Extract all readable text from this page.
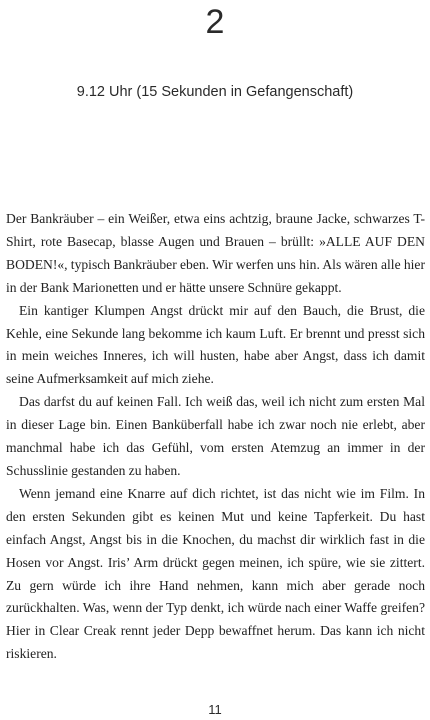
2
9.12 Uhr (15 Sekunden in Gefangenschaft)

Der Bankräuber – ein Weißer, etwa eins achtzig, braune Jacke, schwarzes T-Shirt, rote Basecap, blasse Augen und Brauen – brüllt: »ALLE AUF DEN BODEN!«, typisch Bankräuber eben. Wir werfen uns hin. Als wären alle hier in der Bank Marionetten und er hätte unsere Schnüre gekappt.

Ein kantiger Klumpen Angst drückt mir auf den Bauch, die Brust, die Kehle, eine Sekunde lang bekomme ich kaum Luft. Er brennt und presst sich in mein weiches Inneres, ich will husten, habe aber Angst, dass ich damit seine Aufmerksamkeit auf mich ziehe.

Das darfst du auf keinen Fall. Ich weiß das, weil ich nicht zum ersten Mal in dieser Lage bin. Einen Banküberfall habe ich zwar noch nie erlebt, aber manchmal habe ich das Gefühl, vom ersten Atemzug an immer in der Schusslinie gestanden zu haben.

Wenn jemand eine Knarre auf dich richtet, ist das nicht wie im Film. In den ersten Sekunden gibt es keinen Mut und keine Tapferkeit. Du hast einfach Angst, Angst bis in die Knochen, du machst dir wirklich fast in die Hosen vor Angst. Iris’ Arm drückt gegen meinen, ich spüre, wie sie zittert. Zu gern würde ich ihre Hand nehmen, kann mich aber gerade noch zurückhalten. Was, wenn der Typ denkt, ich würde nach einer Waffe greifen? Hier in Clear Creak rennt jeder Depp bewaffnet herum. Das kann ich nicht riskieren.

11
